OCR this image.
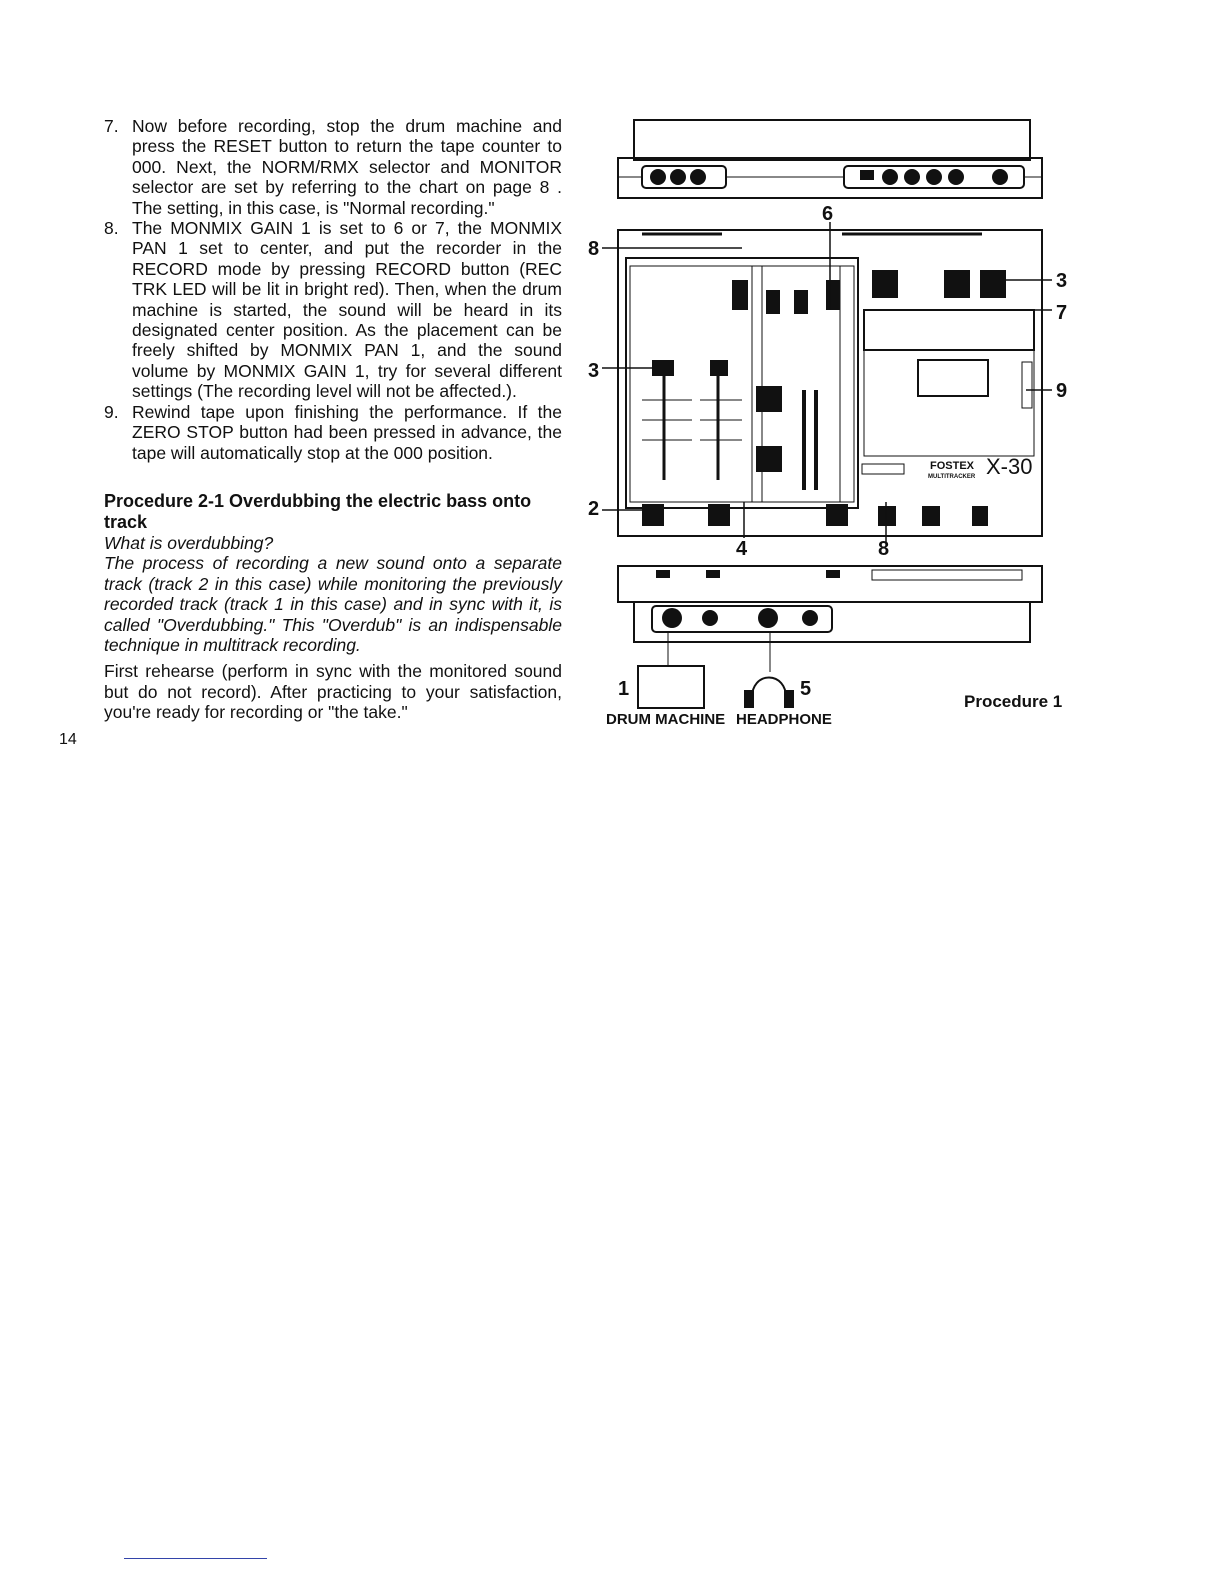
7. Now before recording, stop the drum machine and press the RESET button to return the tape counter to 000. Next, the NORM/RMX selector and MONITOR selector are set by referring to the chart on page 8 . The setting, in this case, is "Normal recording."
8. The MONMIX GAIN 1 is set to 6 or 7, the MONMIX PAN 1 set to center, and put the recorder in the RECORD mode by pressing RECORD button (REC TRK LED will be lit in bright red). Then, when the drum machine is started, the sound will be heard in its designated center position. As the placement can be freely shifted by MONMIX PAN 1, and the sound volume by MONMIX GAIN 1, try for several different settings (The recording level will not be affected.).
9. Rewind tape upon finishing the performance. If the ZERO STOP button had been pressed in advance, the tape will automatically stop at the 000 position.
Procedure 2-1 Overdubbing the electric bass onto track
What is overdubbing?
The process of recording a new sound onto a separate track (track 2 in this case) while monitoring the previously recorded track (track 1 in this case) and in sync with it, is called "Overdubbing." This "Overdub" is an indispensable technique in multitrack recording.
First rehearse (perform in sync with the monitored sound but do not record). After practicing to your satisfaction, you're ready for recording or "the take."
14
6
8
3
7
3
9
2
4	8
1	5
FOSTEX X-30
MULTITRACKER
DRUM MACHINE HEADPHONE
Procedure 1
